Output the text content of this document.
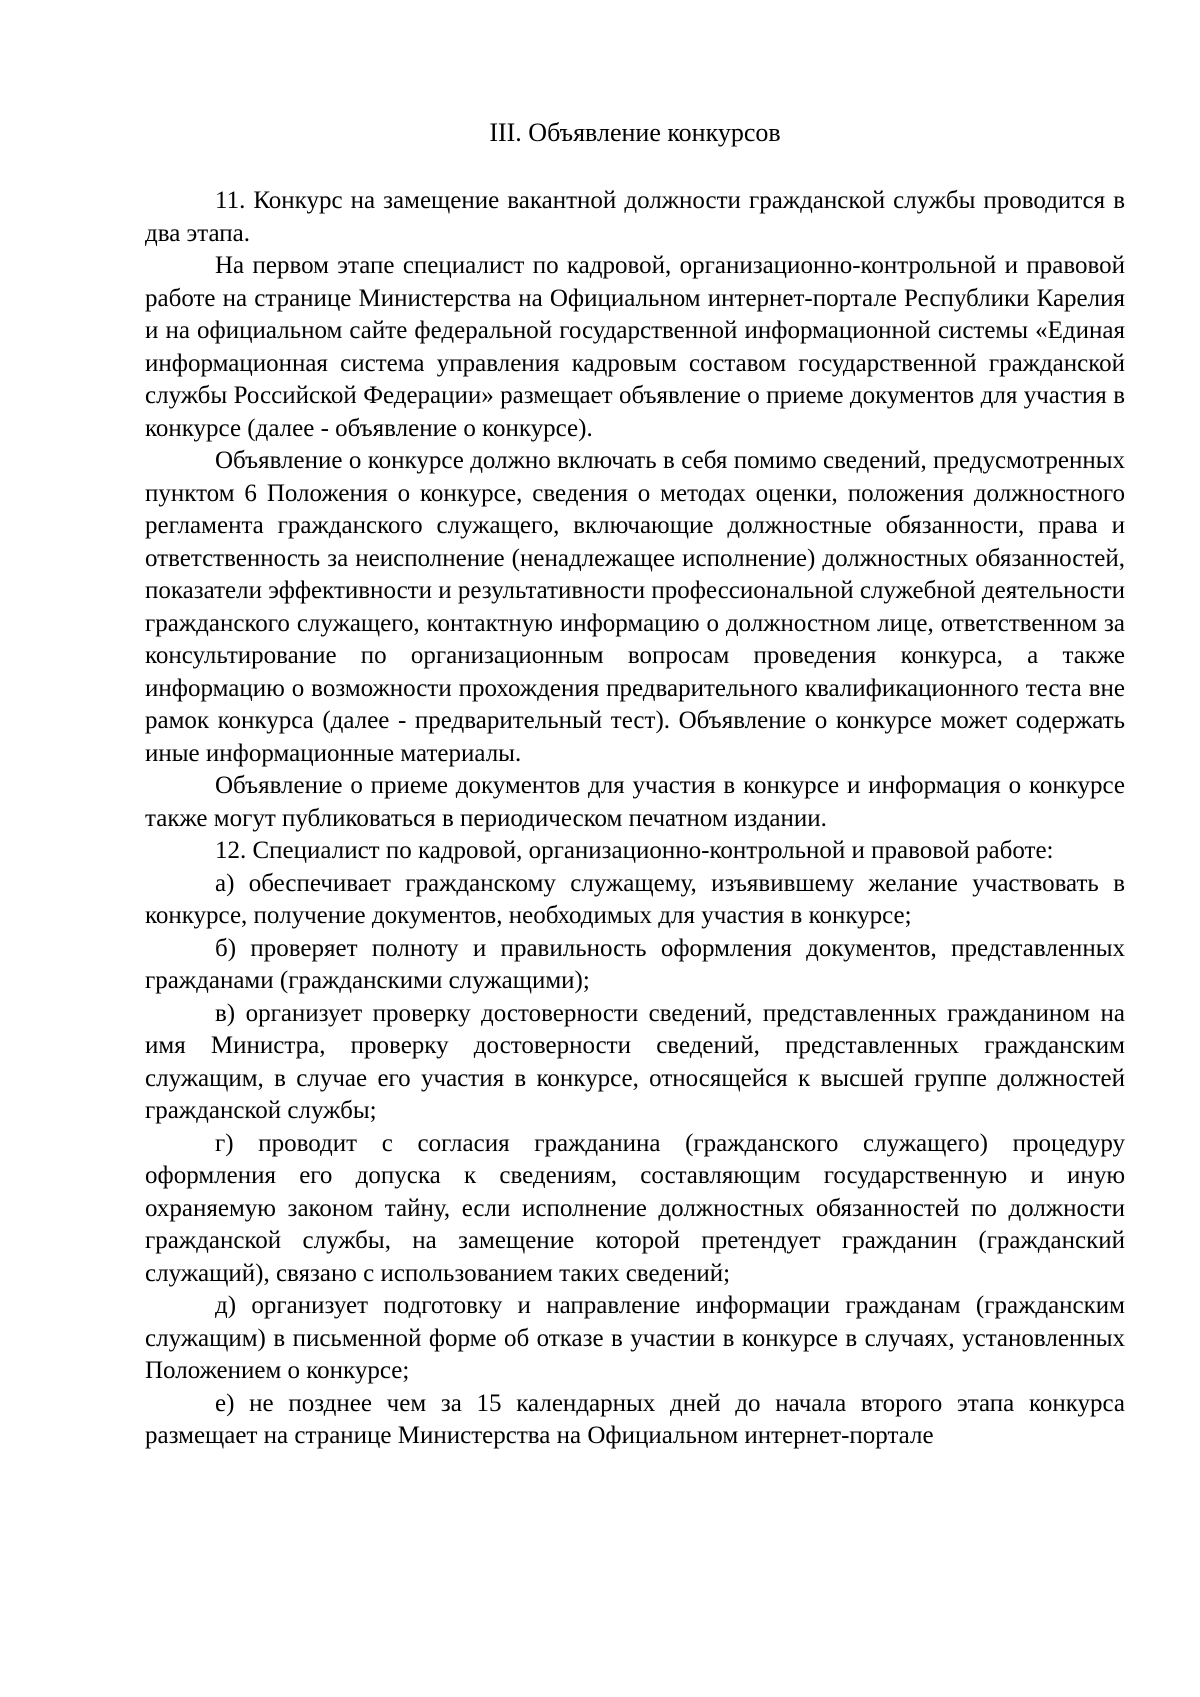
III. Объявление конкурсов

11. Конкурс на замещение вакантной должности гражданской службы проводится в два этапа.

На первом этапе специалист по кадровой, организационно-контрольной и правовой работе на странице Министерства на Официальном интернет-портале Республики Карелия и на официальном сайте федеральной государственной информационной системы «Единая информационная система управления кадровым составом государственной гражданской службы Российской Федерации» размещает объявление о приеме документов для участия в конкурсе (далее - объявление о конкурсе).

Объявление о конкурсе должно включать в себя помимо сведений, предусмотренных пунктом 6 Положения о конкурсе, сведения о методах оценки, положения должностного регламента гражданского служащего, включающие должностные обязанности, права и ответственность за неисполнение (ненадлежащее исполнение) должностных обязанностей, показатели эффективности и результативности профессиональной служебной деятельности гражданского служащего, контактную информацию о должностном лице, ответственном за консультирование по организационным вопросам проведения конкурса, а также информацию о возможности прохождения предварительного квалификационного теста вне рамок конкурса (далее - предварительный тест). Объявление о конкурсе может содержать иные информационные материалы.

Объявление о приеме документов для участия в конкурсе и информация о конкурсе также могут публиковаться в периодическом печатном издании.

12. Специалист по кадровой, организационно-контрольной и правовой работе:

а) обеспечивает гражданскому служащему, изъявившему желание участвовать в конкурсе, получение документов, необходимых для участия в конкурсе;

б) проверяет полноту и правильность оформления документов, представленных гражданами (гражданскими служащими);

в) организует проверку достоверности сведений, представленных гражданином на имя Министра, проверку достоверности сведений, представленных гражданским служащим, в случае его участия в конкурсе, относящейся к высшей группе должностей гражданской службы;

г) проводит с согласия гражданина (гражданского служащего) процедуру оформления его допуска к сведениям, составляющим государственную и иную охраняемую законом тайну, если исполнение должностных обязанностей по должности гражданской службы, на замещение которой претендует гражданин (гражданский служащий), связано с использованием таких сведений;

д) организует подготовку и направление информации гражданам (гражданским служащим) в письменной форме об отказе в участии в конкурсе в случаях, установленных Положением о конкурсе;

е) не позднее чем за 15 календарных дней до начала второго этапа конкурса размещает на странице Министерства на Официальном интернет-портале
